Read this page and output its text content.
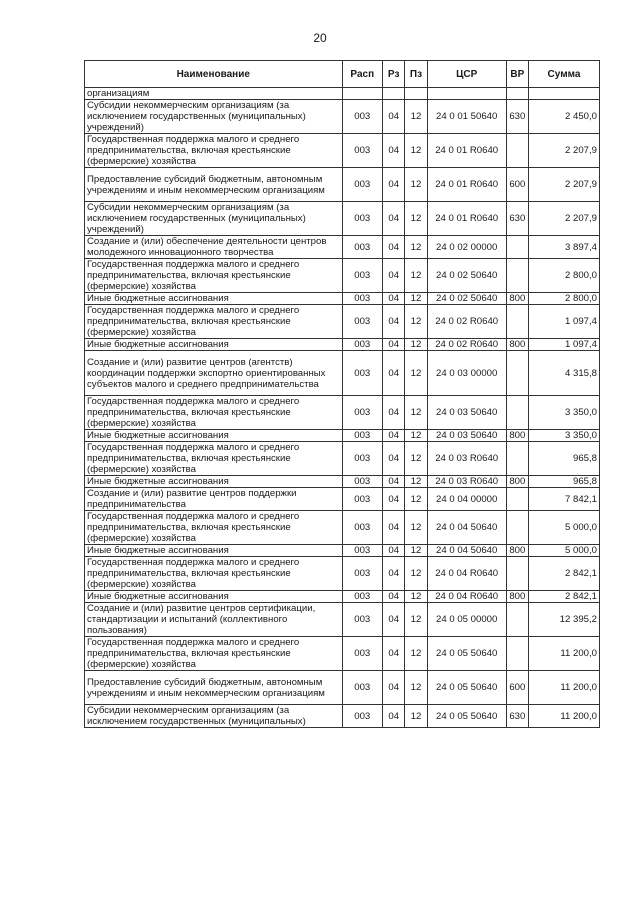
20
Наименование	Расп	Рз	Пз	ЦСР	ВР	Сумма
организациям						
Субсидии некоммерческим организациям (за исключением государственных (муниципальных) учреждений)	003	04	12	24 0 01 50640	630	2 450,0
Государственная поддержка малого и среднего предпринимательства, включая крестьянские (фермерские) хозяйства	003	04	12	24 0 01 R0640		2 207,9
Предоставление субсидий бюджетным, автономным учреждениям и иным некоммерческим организациям	003	04	12	24 0 01 R0640	600	2 207,9
Субсидии некоммерческим организациям (за исключением государственных (муниципальных) учреждений)	003	04	12	24 0 01 R0640	630	2 207,9
Создание и (или) обеспечение деятельности центров молодежного инновационного творчества	003	04	12	24 0 02 00000		3 897,4
Государственная поддержка малого и среднего предпринимательства, включая крестьянские (фермерские) хозяйства	003	04	12	24 0 02 50640		2 800,0
Иные бюджетные ассигнования	003	04	12	24 0 02 50640	800	2 800,0
Государственная поддержка малого и среднего предпринимательства, включая крестьянские (фермерские) хозяйства	003	04	12	24 0 02 R0640		1 097,4
Иные бюджетные ассигнования	003	04	12	24 0 02 R0640	800	1 097,4
Создание и (или) развитие центров (агентств) координации поддержки экспортно ориентированных субъектов малого и среднего предпринимательства	003	04	12	24 0 03 00000		4 315,8
Государственная поддержка малого и среднего предпринимательства, включая крестьянские (фермерские) хозяйства	003	04	12	24 0 03 50640		3 350,0
Иные бюджетные ассигнования	003	04	12	24 0 03 50640	800	3 350,0
Государственная поддержка малого и среднего предпринимательства, включая крестьянские (фермерские) хозяйства	003	04	12	24 0 03 R0640		965,8
Иные бюджетные ассигнования	003	04	12	24 0 03 R0640	800	965,8
Создание и (или) развитие центров поддержки предпринимательства	003	04	12	24 0 04 00000		7 842,1
Государственная поддержка малого и среднего предпринимательства, включая крестьянские (фермерские) хозяйства	003	04	12	24 0 04 50640		5 000,0
Иные бюджетные ассигнования	003	04	12	24 0 04 50640	800	5 000,0
Государственная поддержка малого и среднего предпринимательства, включая крестьянские (фермерские) хозяйства	003	04	12	24 0 04 R0640		2 842,1
Иные бюджетные ассигнования	003	04	12	24 0 04 R0640	800	2 842,1
Создание и (или) развитие центров сертификации, стандартизации и испытаний (коллективного пользования)	003	04	12	24 0 05 00000		12 395,2
Государственная поддержка малого и среднего предпринимательства, включая крестьянские (фермерские) хозяйства	003	04	12	24 0 05 50640		11 200,0
Предоставление субсидий бюджетным, автономным учреждениям и иным некоммерческим организациям	003	04	12	24 0 05 50640	600	11 200,0
Субсидии некоммерческим организациям (за исключением государственных (муниципальных)	003	04	12	24 0 05 50640	630	11 200,0
